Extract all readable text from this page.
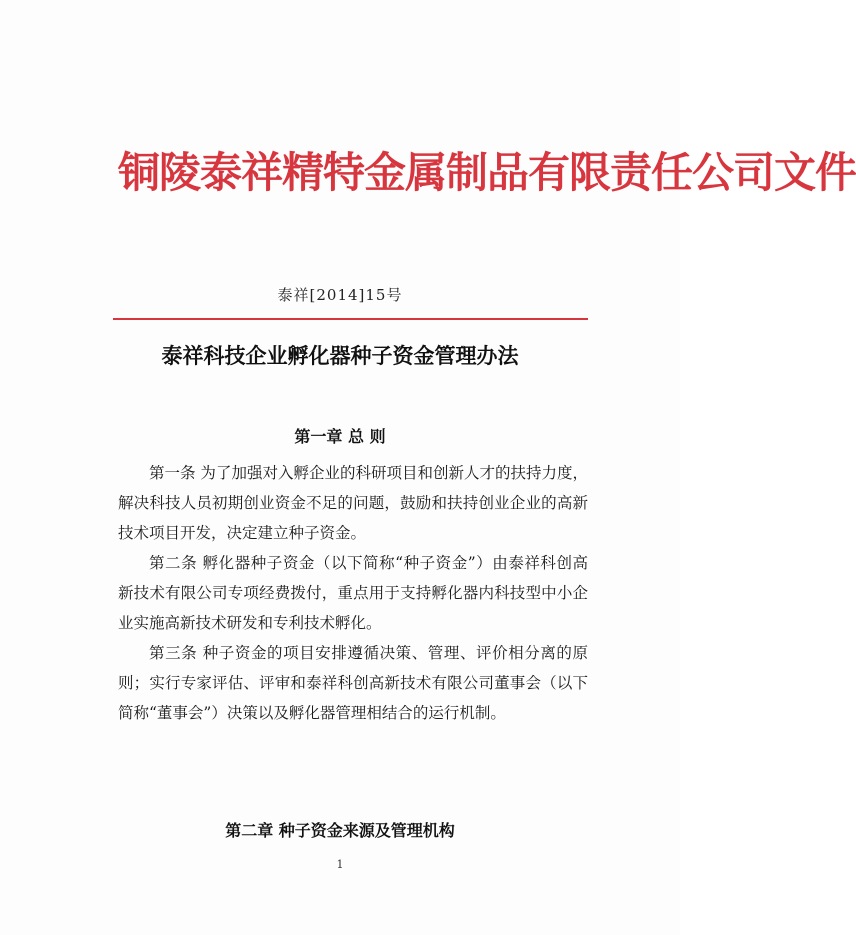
铜陵泰祥精特金属制品有限责任公司文件
泰祥[2014]15号
泰祥科技企业孵化器种子资金管理办法
第一章 总 则

第一条 为了加强对入孵企业的科研项目和创新人才的扶持力度，解决科技人员初期创业资金不足的问题，鼓励和扶持创业企业的高新技术项目开发，决定建立种子资金。

第二条 孵化器种子资金（以下简称“种子资金”）由泰祥科创高新技术有限公司专项经费拨付，重点用于支持孵化器内科技型中小企业实施高新技术研发和专利技术孵化。

第三条 种子资金的项目安排遵循决策、管理、评价相分离的原则；实行专家评估、评审和泰祥科创高新技术有限公司董事会（以下简称“董事会”）决策以及孵化器管理相结合的运行机制。

第二章 种子资金来源及管理机构
1
